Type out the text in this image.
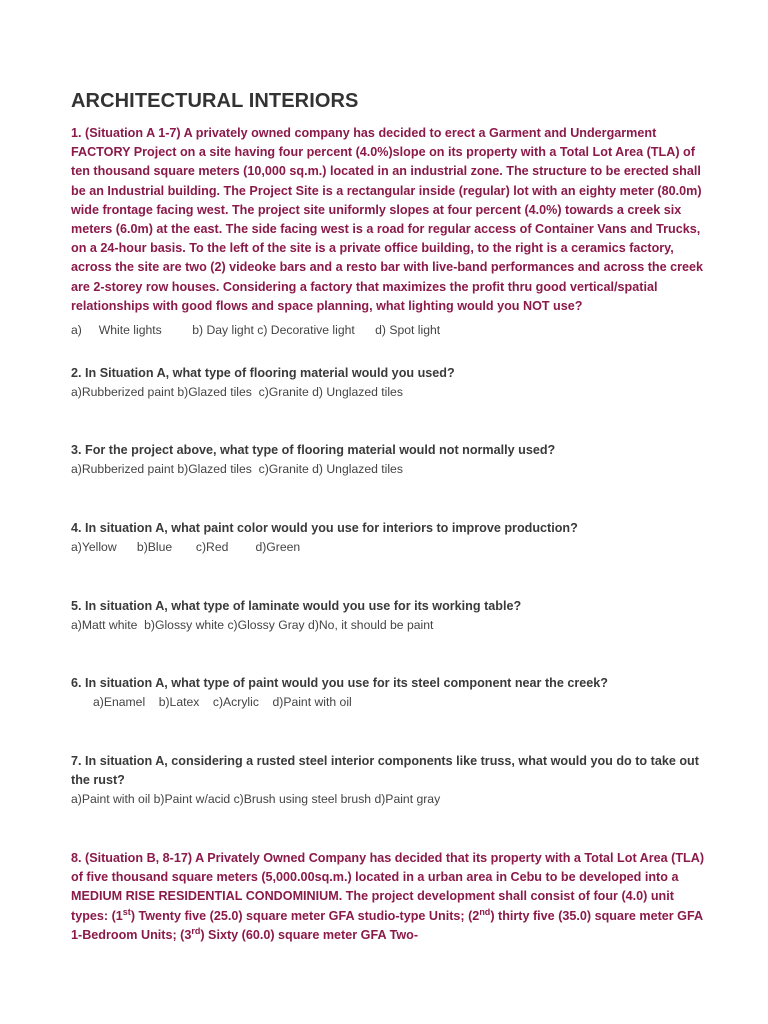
ARCHITECTURAL INTERIORS

1. (Situation A 1-7) A privately owned company has decided to erect a Garment and Undergarment FACTORY Project on a site having four percent (4.0%)slope on its property with a Total Lot Area (TLA) of ten thousand square meters (10,000 sq.m.) located in an industrial zone. The structure to be erected shall be an Industrial building. The Project Site is a rectangular inside (regular) lot with an eighty meter (80.0m) wide frontage facing west. The project site uniformly slopes at four percent (4.0%) towards a creek six meters (6.0m) at the east. The side facing west is a road for regular access of Container Vans and Trucks, on a 24-hour basis. To the left of the site is a private office building, to the right is a ceramics factory, across the site are two (2) videoke bars and a resto bar with live-band performances and across the creek are 2-storey row houses. Considering a factory that maximizes the profit thru good vertical/spatial relationships with good flows and space planning, what lighting would you NOT use?

a)     White lights         b) Day light c) Decorative light      d) Spot light

2. In Situation A, what type of flooring material would you used?

a)Rubberized paint b)Glazed tiles  c)Granite d) Unglazed tiles

3. For the project above, what type of flooring material would not normally used?

a)Rubberized paint b)Glazed tiles  c)Granite d) Unglazed tiles

4. In situation A, what paint color would you use for interiors to improve production?

a)Yellow      b)Blue       c)Red        d)Green

5. In situation A, what type of laminate would you use for its working table?

a)Matt white  b)Glossy white c)Glossy Gray d)No, it should be paint

6. In situation A, what type of paint would you use for its steel component near the creek?

a)Enamel    b)Latex    c)Acrylic    d)Paint with oil

7. In situation A, considering a rusted steel interior components like truss, what would you do to take out the rust?

a)Paint with oil b)Paint w/acid c)Brush using steel brush d)Paint gray

8. (Situation B, 8-17) A Privately Owned Company has decided that its property with a Total Lot Area (TLA) of five thousand square meters (5,000.00sq.m.) located in a urban area in Cebu to be developed into a MEDIUM RISE RESIDENTIAL CONDOMINIUM. The project development shall consist of four (4.0) unit types: (1st) Twenty five (25.0) square meter GFA studio-type Units; (2nd) thirty five (35.0) square meter GFA 1-Bedroom Units; (3rd) Sixty (60.0) square meter GFA Two-
